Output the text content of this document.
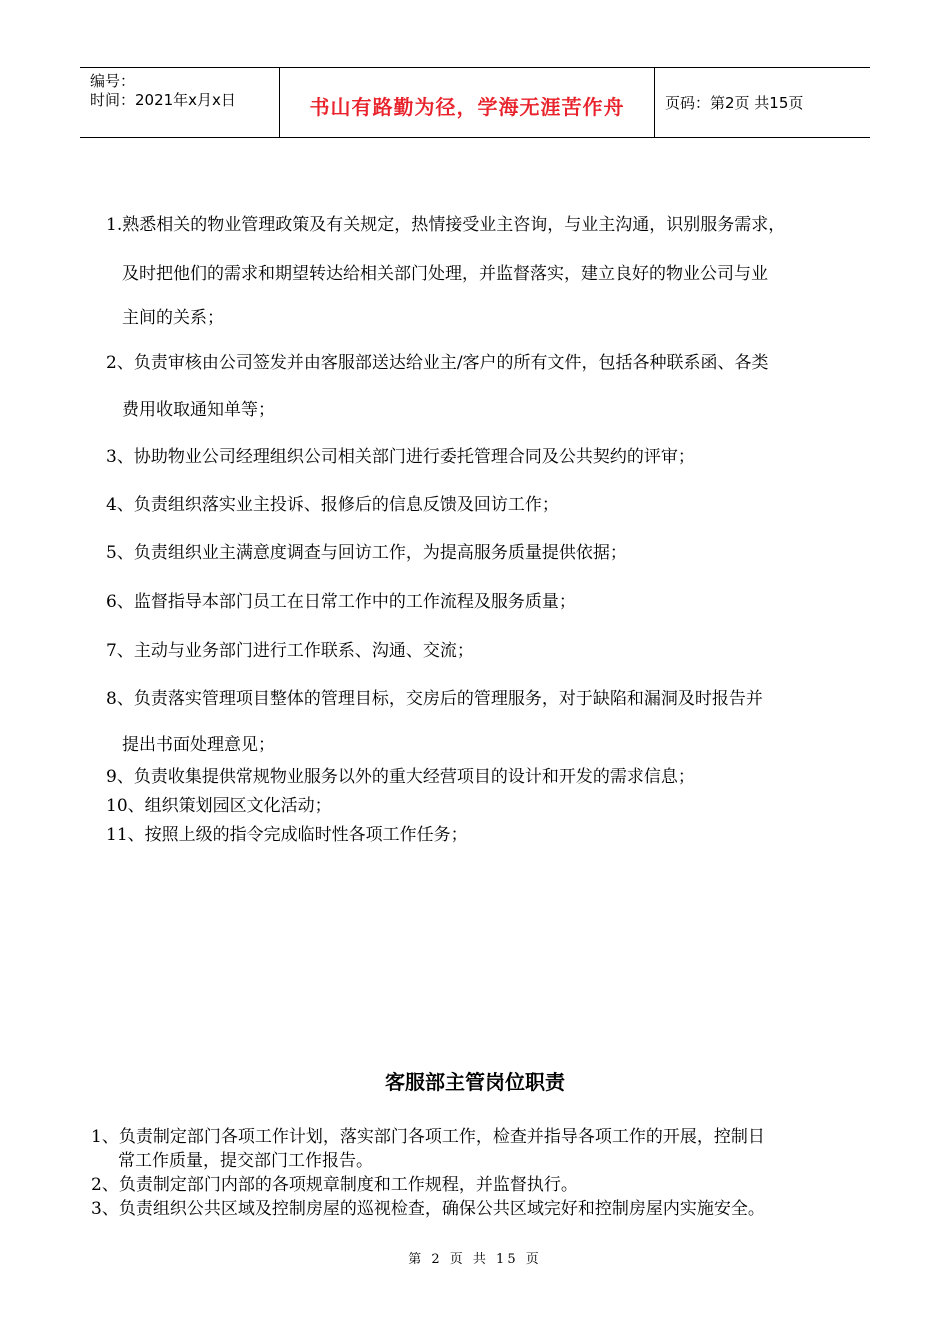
编号：
时间：2021年x月x日	书山有路勤为径，学海无涯苦作舟	页码：第2页 共15页
1.熟悉相关的物业管理政策及有关规定，热情接受业主咨询，与业主沟通，识别服务需求，
及时把他们的需求和期望转达给相关部门处理，并监督落实，建立良好的物业公司与业
主间的关系；
2、负责审核由公司签发并由客服部送达给业主/客户的所有文件，包括各种联系函、各类
费用收取通知单等；
3、协助物业公司经理组织公司相关部门进行委托管理合同及公共契约的评审；
4、负责组织落实业主投诉、报修后的信息反馈及回访工作；
5、负责组织业主满意度调查与回访工作，为提高服务质量提供依据；
6、监督指导本部门员工在日常工作中的工作流程及服务质量；
7、主动与业务部门进行工作联系、沟通、交流；
8、负责落实管理项目整体的管理目标，交房后的管理服务，对于缺陷和漏洞及时报告并
提出书面处理意见；
9、负责收集提供常规物业服务以外的重大经营项目的设计和开发的需求信息；
10、组织策划园区文化活动；
11、按照上级的指令完成临时性各项工作任务；
客服部主管岗位职责
1、负责制定部门各项工作计划，落实部门各项工作，检查并指导各项工作的开展，控制日
常工作质量，提交部门工作报告。
2、负责制定部门内部的各项规章制度和工作规程，并监督执行。
3、负责组织公共区域及控制房屋的巡视检查，确保公共区域完好和控制房屋内实施安全。
第 2 页 共 15 页
